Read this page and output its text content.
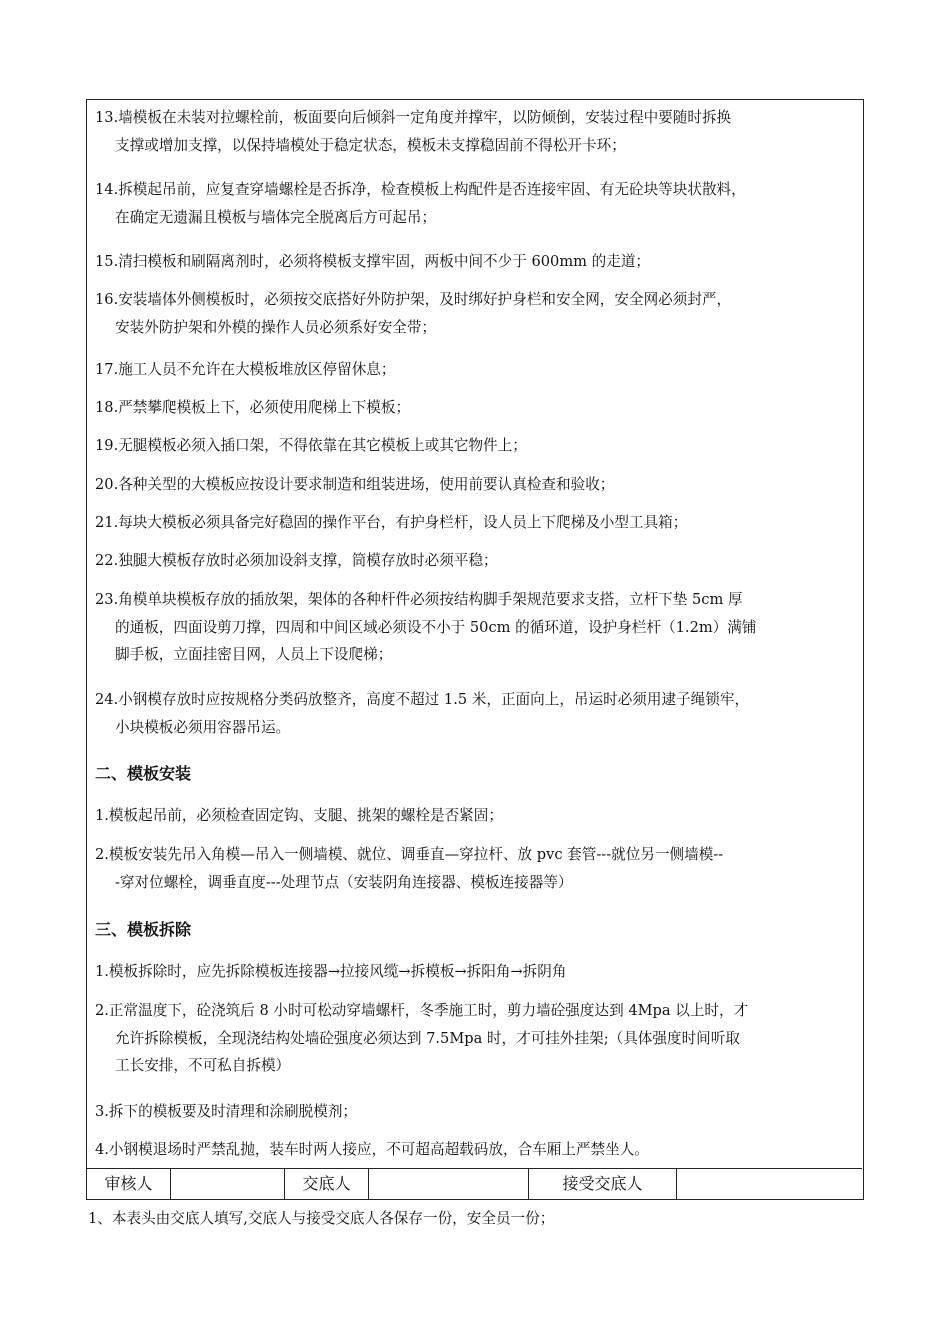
13.墙模板在未装对拉螺栓前，板面要向后倾斜一定角度并撑牢，以防倾倒，安装过程中要随时拆换
支撑或增加支撑，以保持墙模处于稳定状态，模板未支撑稳固前不得松开卡环；

14.拆模起吊前，应复查穿墙螺栓是否拆净，检查模板上构配件是否连接牢固、有无砼块等块状散料，
在确定无遗漏且模板与墙体完全脱离后方可起吊；

15.清扫模板和刷隔离剂时，必须将模板支撑牢固，两板中间不少于 600mm 的走道；

16.安装墙体外侧模板时，必须按交底搭好外防护架，及时绑好护身栏和安全网，安全网必须封严，
安装外防护架和外模的操作人员必须系好安全带；

17.施工人员不允许在大模板堆放区停留休息；

18.严禁攀爬模板上下，必须使用爬梯上下模板；

19.无腿模板必须入插口架，不得依靠在其它模板上或其它物件上；

20.各种关型的大模板应按设计要求制造和组装进场，使用前要认真检查和验收；

21.每块大模板必须具备完好稳固的操作平台，有护身栏杆，设人员上下爬梯及小型工具箱；

22.独腿大模板存放时必须加设斜支撑，筒模存放时必须平稳；

23.角模单块模板存放的插放架，架体的各种杆件必须按结构脚手架规范要求支搭，立杆下垫 5cm 厚
的通板，四面设剪刀撑，四周和中间区域必须设不小于 50cm 的循环道，设护身栏杆（1.2m）满铺
脚手板，立面挂密目网，人员上下设爬梯；

24.小钢模存放时应按规格分类码放整齐，高度不超过 1.5 米，正面向上，吊运时必须用逮子绳锁牢，
小块模板必须用容器吊运。

二、模板安装

1.模板起吊前，必须检查固定钩、支腿、挑架的螺栓是否紧固；

2.模板安装先吊入角模—吊入一侧墙模、就位、调垂直—穿拉杆、放 pvc 套管---就位另一侧墙模--
-穿对位螺栓，调垂直度---处理节点（安装阴角连接器、模板连接器等）

三、模板拆除

1.模板拆除时，应先拆除模板连接器→拉接风缆→拆模板→拆阳角→拆阴角

2.正常温度下，砼浇筑后 8 小时可松动穿墙螺杆，冬季施工时，剪力墙砼强度达到 4Mpa 以上时，才
允许拆除模板，全现浇结构处墙砼强度必须达到 7.5Mpa 时，才可挂外挂架;（具体强度时间听取
工长安排，不可私自拆模）

3.拆下的模板要及时清理和涂刷脱模剂；

4.小钢模退场时严禁乱抛，装车时两人接应，不可超高超载码放，合车厢上严禁坐人。

审核人	交底人	接受交底人
1、本表头由交底人填写,交底人与接受交底人各保存一份，安全员一份；
